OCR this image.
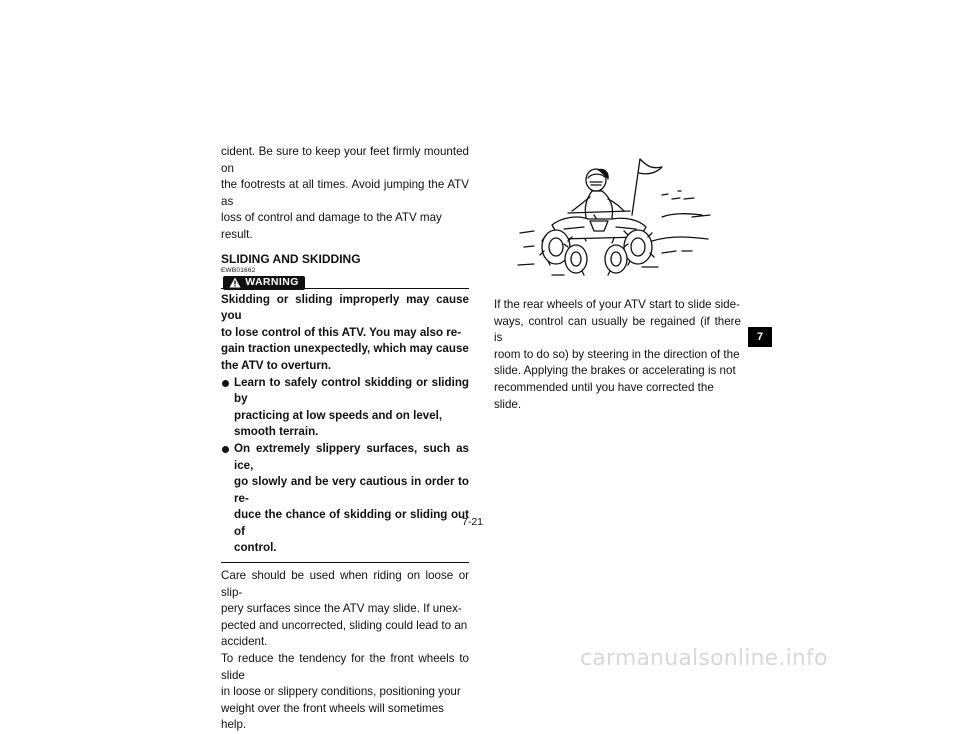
cident. Be sure to keep your feet firmly mounted on
the footrests at all times. Avoid jumping the ATV as
loss of control and damage to the ATV may result.
SLIDING AND SKIDDING
EWB01662
WARNING
Skidding or sliding improperly may cause you
to lose control of this ATV. You may also re-
gain traction unexpectedly, which may cause
the ATV to overturn.
Learn to safely control skidding or sliding by
practicing at low speeds and on level,
smooth terrain.
On extremely slippery surfaces, such as ice,
go slowly and be very cautious in order to re-
duce the chance of skidding or sliding out of
control.
Care should be used when riding on loose or slip-
pery surfaces since the ATV may slide. If unex-
pected and uncorrected, sliding could lead to an
accident.
To reduce the tendency for the front wheels to slide
in loose or slippery conditions, positioning your
weight over the front wheels will sometimes help.
If the rear wheels of your ATV start to slide side-
ways, control can usually be regained (if there is
room to do so) by steering in the direction of the
slide. Applying the brakes or accelerating is not
recommended until you have corrected the slide.
7-21
7
carmanualsonline.info
